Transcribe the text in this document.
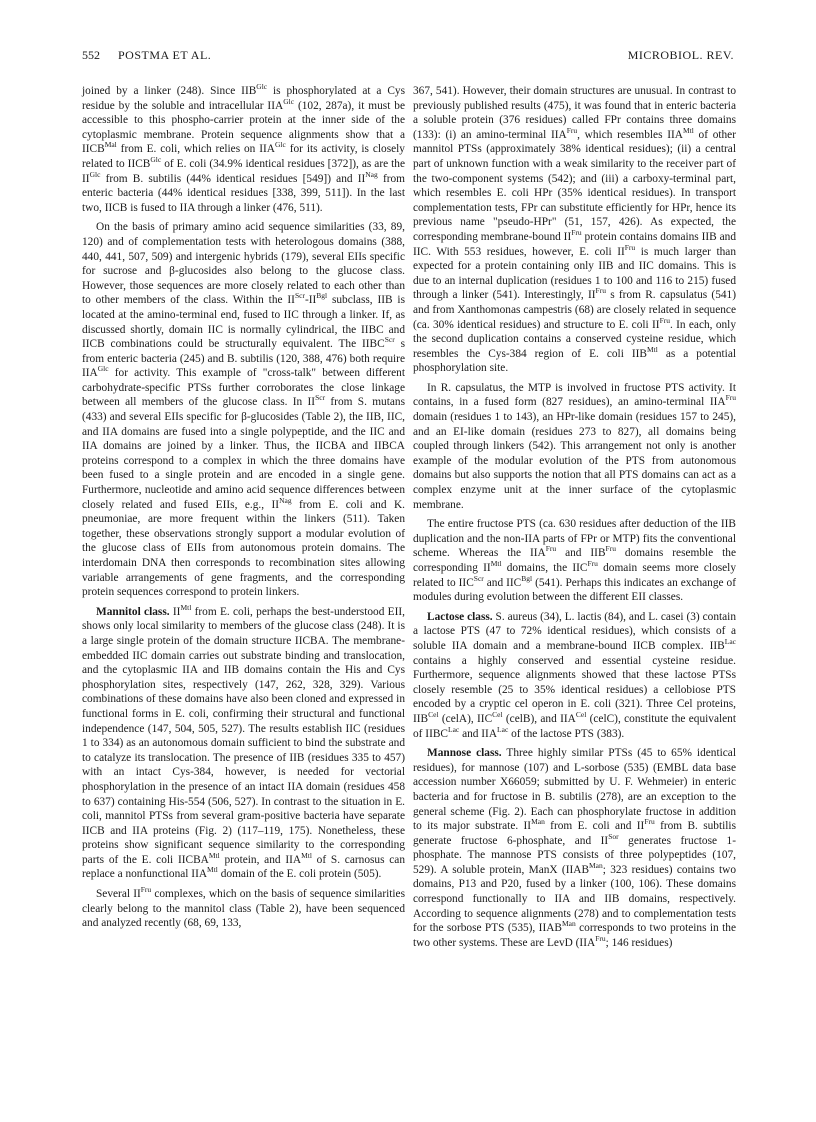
552 POSTMA ET AL.	MICROBIOL. REV.

joined by a linker (248). Since $IIB^{Glc}$ is phosphorylated at a Cys residue by the soluble and intracellular $IIA^{Glc}$ (102, 287a), it must be accessible to this phospho-carrier protein at the inner side of the cytoplasmic membrane. Protein sequence alignments show that a $IICB^{Mal}$ from E. coli, which relies on $IIA^{Glc}$ for its activity, is closely related to $IICB^{Glc}$ of E. coli (34.9% identical residues [372]), as are the $II^{Glc}$ from B. subtilis (44% identical residues [549]) and $II^{Nag}$ from enteric bacteria (44% identical residues [338, 399, 511]). In the last two, IICB is fused to IIA through a linker (476, 511).

On the basis of primary amino acid sequence similarities (33, 89, 120) and of complementation tests with heterologous domains (388, 440, 441, 507, 509) and intergenic hybrids (179), several EIIs specific for sucrose and β-glucosides also belong to the glucose class. However, those sequences are more closely related to each other than to other members of the class. Within the $II^{Scr}-II^{Bgl}$ subclass, IIB is located at the amino-terminal end, fused to IIC through a linker. If, as discussed shortly, domain IIC is normally cylindrical, the IIBC and IICB combinations could be structurally equivalent. The $IIBC^{Scr}$ s from enteric bacteria (245) and B. subtilis (120, 388, 476) both require $IIA^{Glc}$ for activity. This example of "cross-talk" between different carbohydrate-specific PTSs further corroborates the close linkage between all members of the glucose class. In $II^{Scr}$ from S. mutans (433) and several EIIs specific for β-glucosides (Table 2), the IIB, IIC, and IIA domains are fused into a single polypeptide, and the IIC and IIA domains are joined by a linker. Thus, the IICBA and IIBCA proteins correspond to a complex in which the three domains have been fused to a single protein and are encoded in a single gene. Furthermore, nucleotide and amino acid sequence differences between closely related and fused EIIs, e.g., $II^{Nag}$ from E. coli and K. pneumoniae, are more frequent within the linkers (511). Taken together, these observations strongly support a modular evolution of the glucose class of EIIs from autonomous protein domains. The interdomain DNA then corresponds to recombination sites allowing variable arrangements of gene fragments, and the corresponding protein sequences correspond to protein linkers.

Mannitol class. $II^{Mtl}$ from E. coli, perhaps the best-understood EII, shows only local similarity to members of the glucose class (248). It is a large single protein of the domain structure IICBA. The membrane-embedded IIC domain carries out substrate binding and translocation, and the cytoplasmic IIA and IIB domains contain the His and Cys phosphorylation sites, respectively (147, 262, 328, 329). Various combinations of these domains have also been cloned and expressed in functional forms in E. coli, confirming their structural and functional independence (147, 504, 505, 527). The results establish IIC (residues 1 to 334) as an autonomous domain sufficient to bind the substrate and to catalyze its translocation. The presence of IIB (residues 335 to 457) with an intact Cys-384, however, is needed for vectorial phosphorylation in the presence of an intact IIA domain (residues 458 to 637) containing His-554 (506, 527). In contrast to the situation in E. coli, mannitol PTSs from several gram-positive bacteria have separate IICB and IIA proteins (Fig. 2) (117–119, 175). Nonetheless, these proteins show significant sequence similarity to the corresponding parts of the E. coli $IICBA^{Mtl}$ protein, and $IIA^{Mtl}$ of S. carnosus can replace a nonfunctional $IIA^{Mtl}$ domain of the E. coli protein (505).

Several $II^{Fru}$ complexes, which on the basis of sequence similarities clearly belong to the mannitol class (Table 2), have been sequenced and analyzed recently (68, 69, 133,

367, 541). However, their domain structures are unusual. In contrast to previously published results (475), it was found that in enteric bacteria a soluble protein (376 residues) called FPr contains three domains (133): (i) an amino-terminal $IIA^{Fru}$, which resembles $IIA^{Mtl}$ of other mannitol PTSs (approximately 38% identical residues); (ii) a central part of unknown function with a weak similarity to the receiver part of the two-component systems (542); and (iii) a carboxy-terminal part, which resembles E. coli HPr (35% identical residues). In transport complementation tests, FPr can substitute efficiently for HPr, hence its previous name "pseudo-HPr" (51, 157, 426). As expected, the corresponding membrane-bound $II^{Fru}$ protein contains domains IIB and IIC. With 553 residues, however, E. coli $II^{Fru}$ is much larger than expected for a protein containing only IIB and IIC domains. This is due to an internal duplication (residues 1 to 100 and 116 to 215) fused through a linker (541). Interestingly, $II^{Fru}$ s from R. capsulatus (541) and from Xanthomonas campestris (68) are closely related in sequence (ca. 30% identical residues) and structure to E. coli $II^{Fru}$. In each, only the second duplication contains a conserved cysteine residue, which resembles the Cys-384 region of E. coli $IIB^{Mtl}$ as a potential phosphorylation site.

In R. capsulatus, the MTP is involved in fructose PTS activity. It contains, in a fused form (827 residues), an amino-terminal $IIA^{Fru}$ domain (residues 1 to 143), an HPr-like domain (residues 157 to 245), and an EI-like domain (residues 273 to 827), all domains being coupled through linkers (542). This arrangement not only is another example of the modular evolution of the PTS from autonomous domains but also supports the notion that all PTS domains can act as a complex enzyme unit at the inner surface of the cytoplasmic membrane.

The entire fructose PTS (ca. 630 residues after deduction of the IIB duplication and the non-IIA parts of FPr or MTP) fits the conventional scheme. Whereas the $IIA^{Fru}$ and $IIB^{Fru}$ domains resemble the corresponding $II^{Mtl}$ domains, the $IIC^{Fru}$ domain seems more closely related to $IIC^{Scr}$ and $IIC^{Bgl}$ (541). Perhaps this indicates an exchange of modules during evolution between the different EII classes.

Lactose class. S. aureus (34), L. lactis (84), and L. casei (3) contain a lactose PTS (47 to 72% identical residues), which consists of a soluble IIA domain and a membrane-bound IICB complex. $IIB^{Lac}$ contains a highly conserved and essential cysteine residue. Furthermore, sequence alignments showed that these lactose PTSs closely resemble (25 to 35% identical residues) a cellobiose PTS encoded by a cryptic cel operon in E. coli (321). Three Cel proteins, $IIB^{Cel}$ (celA), $IIC^{Cel}$ (celB), and $IIA^{Cel}$ (celC), constitute the equivalent of $IIBC^{Lac}$ and $IIA^{Lac}$ of the lactose PTS (383).

Mannose class. Three highly similar PTSs (45 to 65% identical residues), for mannose (107) and L-sorbose (535) (EMBL data base accession number X66059; submitted by U. F. Wehmeier) in enteric bacteria and for fructose in B. subtilis (278), are an exception to the general scheme (Fig. 2). Each can phosphorylate fructose in addition to its major substrate. $II^{Man}$ from E. coli and $II^{Fru}$ from B. subtilis generate fructose 6-phosphate, and $II^{Sor}$ generates fructose 1-phosphate. The mannose PTS consists of three polypeptides (107, 529). A soluble protein, ManX ($IIAB^{Man}$; 323 residues) contains two domains, P13 and P20, fused by a linker (100, 106). These domains correspond functionally to IIA and IIB domains, respectively. According to sequence alignments (278) and to complementation tests for the sorbose PTS (535), $IIAB^{Man}$ corresponds to two proteins in the two other systems. These are LevD ($IIA^{Fru}$; 146 residues)
